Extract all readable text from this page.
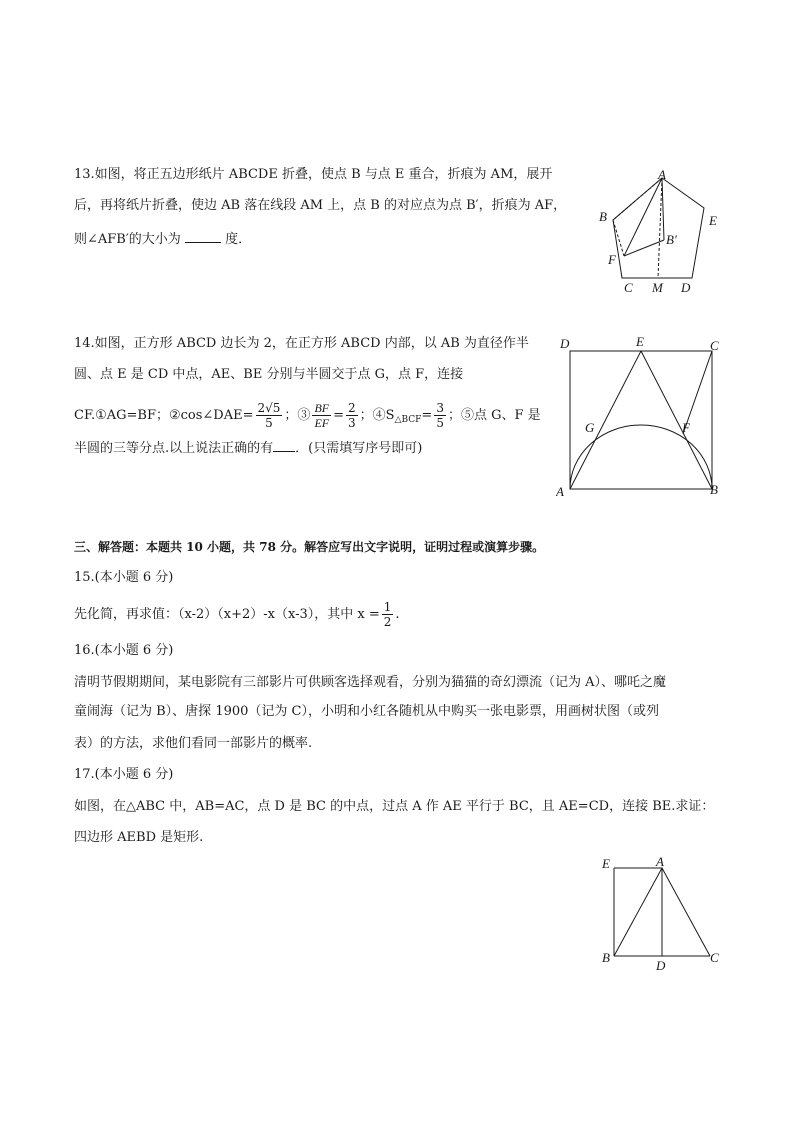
13.如图，将正五边形纸片 ABCDE 折叠，使点 B 与点 E 重合，折痕为 AM，展开
后，再将纸片折叠，使边 AB 落在线段 AM 上，点 B 的对应点为点 B′，折痕为 AF，
则∠AFB′的大小为	度．
A
B
B′
E
F
C M D
14.如图，正方形 ABCD 边长为 2，在正方形 ABCD 内部，以 AB 为直径作半
圆、点 E 是 CD 中点，AE、BE 分别与半圆交于点 G，点 F，连接
CF.①AG=BF；②cos∠DAE= $\frac{2√5}{5}$ ；③ $\frac{BF}{EF} = \frac{2}{3}$ ；$④S_{\triangle BCF}= \frac{3}{5}$ ；⑤点 G、F 是
半圆的三等分点.以上说法正确的有 ．(只需填写序号即可)
D	E	C
G	F
A	B
三、解答题：本题共 10 小题，共 78 分。解答应写出文字说明，证明过程或演算步骤。
15.(本小题 6 分)
先化简，再求值：（x-2）（x+2）-x（x-3），其中 $x = \frac{1}{2}$ .
16.(本小题 6 分)
清明节假期期间，某电影院有三部影片可供顾客选择观看，分别为猫猫的奇幻漂流（记为 A）、哪吒之魔
童闹海（记为 B）、唐探 1900（记为 C），小明和小红各随机从中购买一张电影票，用画树状图（或列
表）的方法，求他们看同一部影片的概率.
17.(本小题 6 分)
如图，在△ABC 中，AB=AC，点 D 是 BC 的中点，过点 A 作 AE 平行于 BC，且 AE=CD，连接 BE.求证：
四边形 AEBD 是矩形.
E	A
B
D
C
